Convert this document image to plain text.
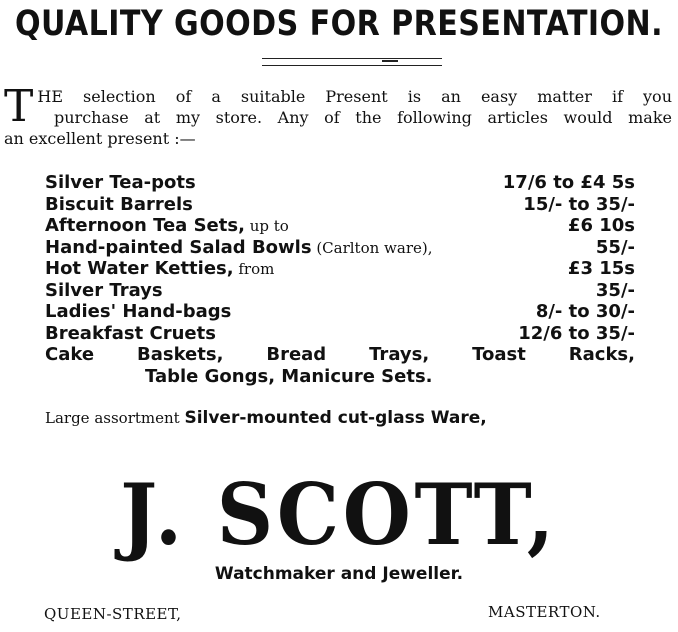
QUALITY GOODS FOR PRESENTATION.
T HE selection of a suitable Present is an easy matter if you
purchase at my store. Any of the following articles would make
an excellent present :—
Silver Tea-pots	17/6 to £4 5s
Biscuit Barrels	15/- to 35/-
Afternoon Tea Sets, up to	£6 10s
Hand-painted Salad Bowls (Carlton ware),	55/-
Hot Water Ketties, from	£3 15s
Silver Trays	35/-
Ladies' Hand-bags	8/- to 30/-
Breakfast Cruets	12/6 to 35/-
Cake Baskets, Bread Trays, Toast Racks,
Table Gongs, Manicure Sets.
Large assortment Silver-mounted cut-glass Ware,
J. SCOTT,
Watchmaker and Jeweller.
QUEEN-STREET,	MASTERTON.
